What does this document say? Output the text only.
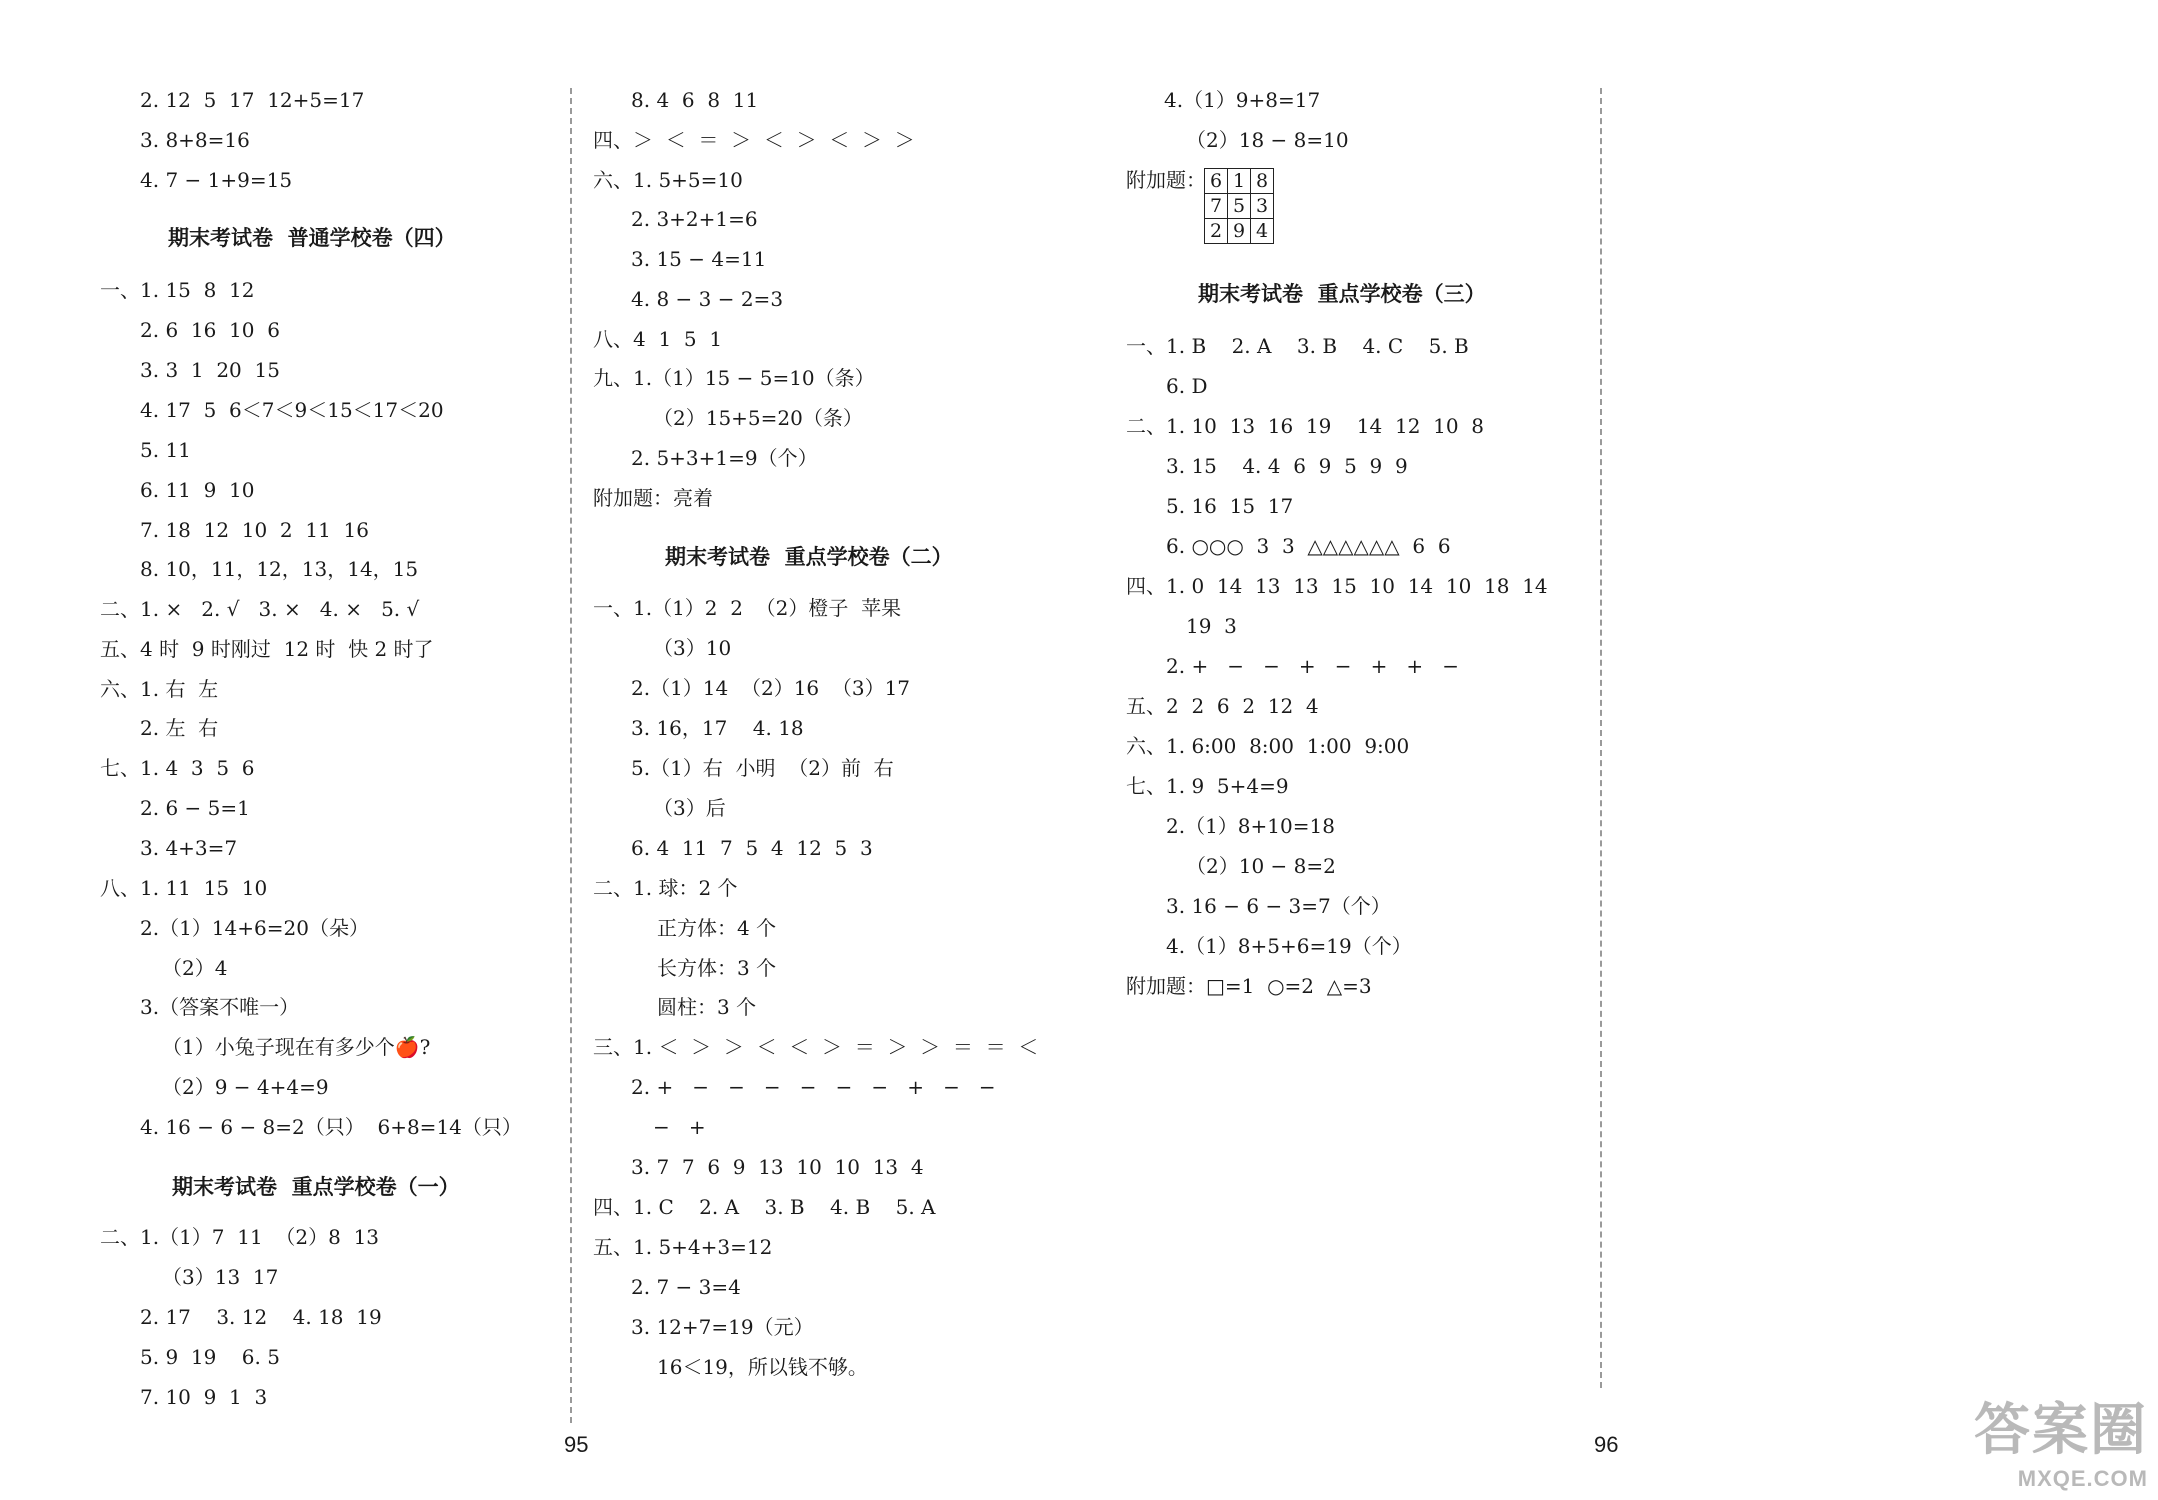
2. 12  5  17  12+5=17
3. 8+8=16
4. 7 − 1+9=15
期末考试卷  普通学校卷（四）
一、1. 15  8  12
2. 6  16  10  6
3. 3  1  20  15
4. 17  5  6＜7＜9＜15＜17＜20
5. 11
6. 11  9  10
7. 18  12  10  2  11  16
8. 10，11，12，13，14，15
二、1. ×   2. √   3. ×   4. ×   5. √
五、4 时  9 时刚过  12 时  快 2 时了
六、1. 右  左
2. 左  右
七、1. 4  3  5  6
2. 6 − 5=1
3. 4+3=7
八、1. 11  15  10
2.（1）14+6=20（朵）
（2）4
3.（答案不唯一）
（1）小兔子现在有多少个🍎?
（2）9 − 4+4=9
4. 16 − 6 − 8=2（只）  6+8=14（只）
期末考试卷  重点学校卷（一）
二、1.（1）7  11  （2）8  13
（3）13  17
2. 17    3. 12    4. 18  19
5. 9  19    6. 5
7. 10  9  1  3
8. 4  6  8  11
四、＞  ＜  ＝  ＞  ＜  ＞  ＜  ＞  ＞
六、1. 5+5=10
2. 3+2+1=6
3. 15 − 4=11
4. 8 − 3 − 2=3
八、4  1  5  1
九、1.（1）15 − 5=10（条）
（2）15+5=20（条）
2. 5+3+1=9（个）
附加题：亮着
期末考试卷  重点学校卷（二）
一、1.（1）2  2  （2）橙子  苹果
（3）10
2.（1）14  （2）16  （3）17
3. 16，17    4. 18
5.（1）右  小明  （2）前  右
（3）后
6. 4  11  7  5  4  12  5  3
二、1. 球：2 个
正方体：4 个
长方体：3 个
圆柱：3 个
三、1. ＜  ＞  ＞  ＜  ＜  ＞  ＝  ＞  ＞  ＝  ＝  ＜
2. +   −   −   −   −   −   −   +   −   −
−   +
3. 7  7  6  9  13  10  10  13  4
四、1. C    2. A    3. B    4. B    5. A
五、1. 5+4+3=12
2. 7 − 3=4
3. 12+7=19（元）
16＜19，所以钱不够。
4.（1）9+8=17
（2）18 − 8=10
附加题： 6	1	8
7	5	3
2	9	4
期末考试卷  重点学校卷（三）
一、1. B    2. A    3. B    4. C    5. B
6. D
二、1. 10  13  16  19    14  12  10  8
3. 15    4. 4  6  9  5  9  9
5. 16  15  17
6. ○○○  3  3  △△△△△△  6  6
四、1. 0  14  13  13  15  10  14  10  18  14
19  3
2. +   −   −   +   −   +   +   −
五、2  2  6  2  12  4
六、1. 6:00  8:00  1:00  9:00
七、1. 9  5+4=9
2.（1）8+10=18
（2）10 − 8=2
3. 16 − 6 − 3=7（个）
4.（1）8+5+6=19（个）
附加题：□=1  ○=2  △=3
95	96	答案圈
MXQE.COM
